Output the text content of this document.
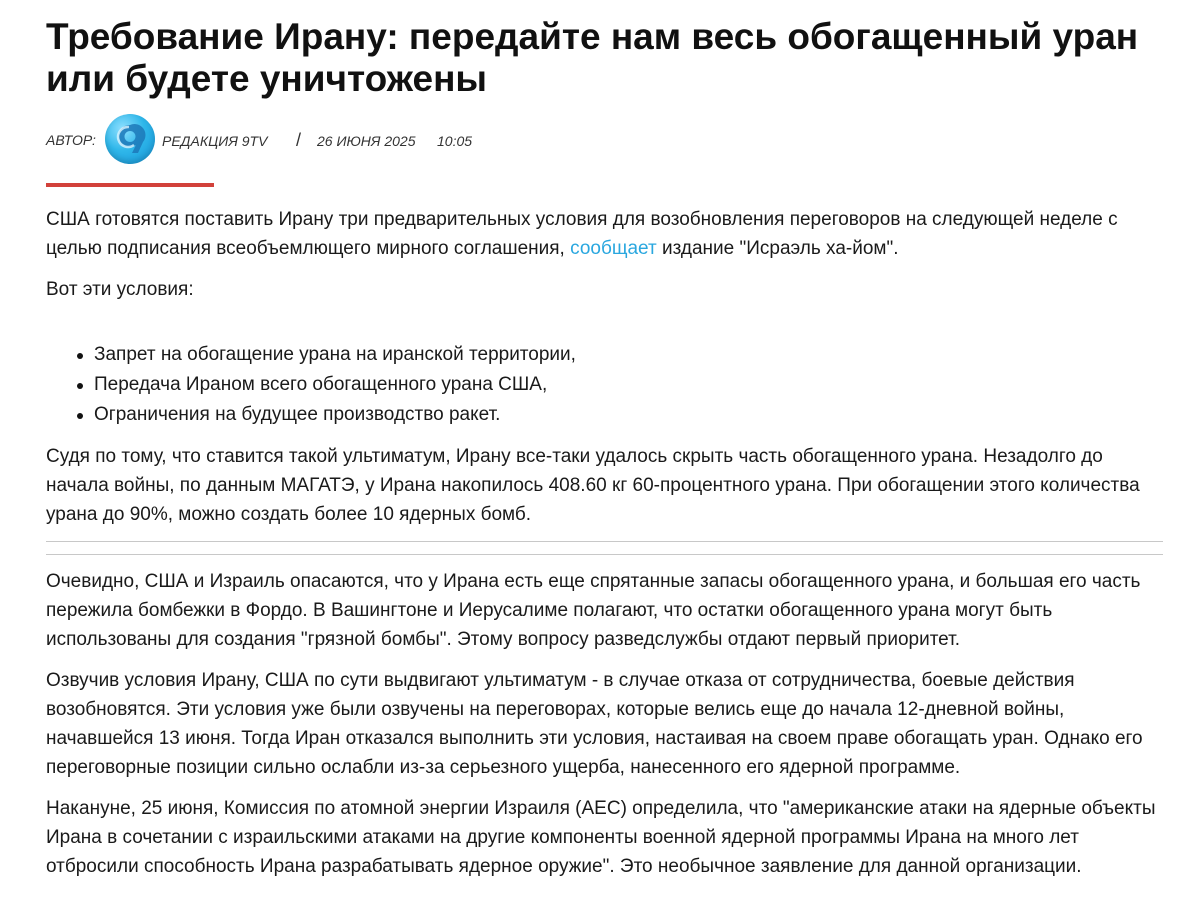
Требование Ирану: передайте нам весь обогащенный уран или будете уничтожены
АВТОР:	РЕДАКЦИЯ 9TV / 26 ИЮНЯ 2025 10:05

США готовятся поставить Ирану три предварительных условия для возобновления переговоров на следующей неделе с целью подписания всеобъемлющего мирного соглашения, сообщает издание "Исраэль ха-йом".

Вот эти условия:

Запрет на обогащение урана на иранской территории,
Передача Ираном всего обогащенного урана США,
Ограничения на будущее производство ракет.

Судя по тому, что ставится такой ультиматум, Ирану все-таки удалось скрыть часть обогащенного урана. Незадолго до начала войны, по данным МАГАТЭ, у Ирана накопилось 408.60 кг 60-процентного урана. При обогащении этого количества урана до 90%, можно создать более 10 ядерных бомб.

Очевидно, США и Израиль опасаются, что у Ирана есть еще спрятанные запасы обогащенного урана, и большая его часть пережила бомбежки в Фордо. В Вашингтоне и Иерусалиме полагают, что остатки обогащенного урана могут быть использованы для создания "грязной бомбы". Этому вопросу разведслужбы отдают первый приоритет.

Озвучив условия Ирану, США по сути выдвигают ультиматум - в случае отказа от сотрудничества, боевые действия возобновятся. Эти условия уже были озвучены на переговорах, которые велись еще до начала 12-дневной войны, начавшейся 13 июня. Тогда Иран отказался выполнить эти условия, настаивая на своем праве обогащать уран. Однако его переговорные позиции сильно ослабли из-за серьезного ущерба, нанесенного его ядерной программе.

Накануне, 25 июня, Комиссия по атомной энергии Израиля (AEC) определила, что "американские атаки на ядерные объекты Ирана в сочетании с израильскими атаками на другие компоненты военной ядерной программы Ирана на много лет отбросили способность Ирана разрабатывать ядерное оружие". Это необычное заявление для данной организации.
